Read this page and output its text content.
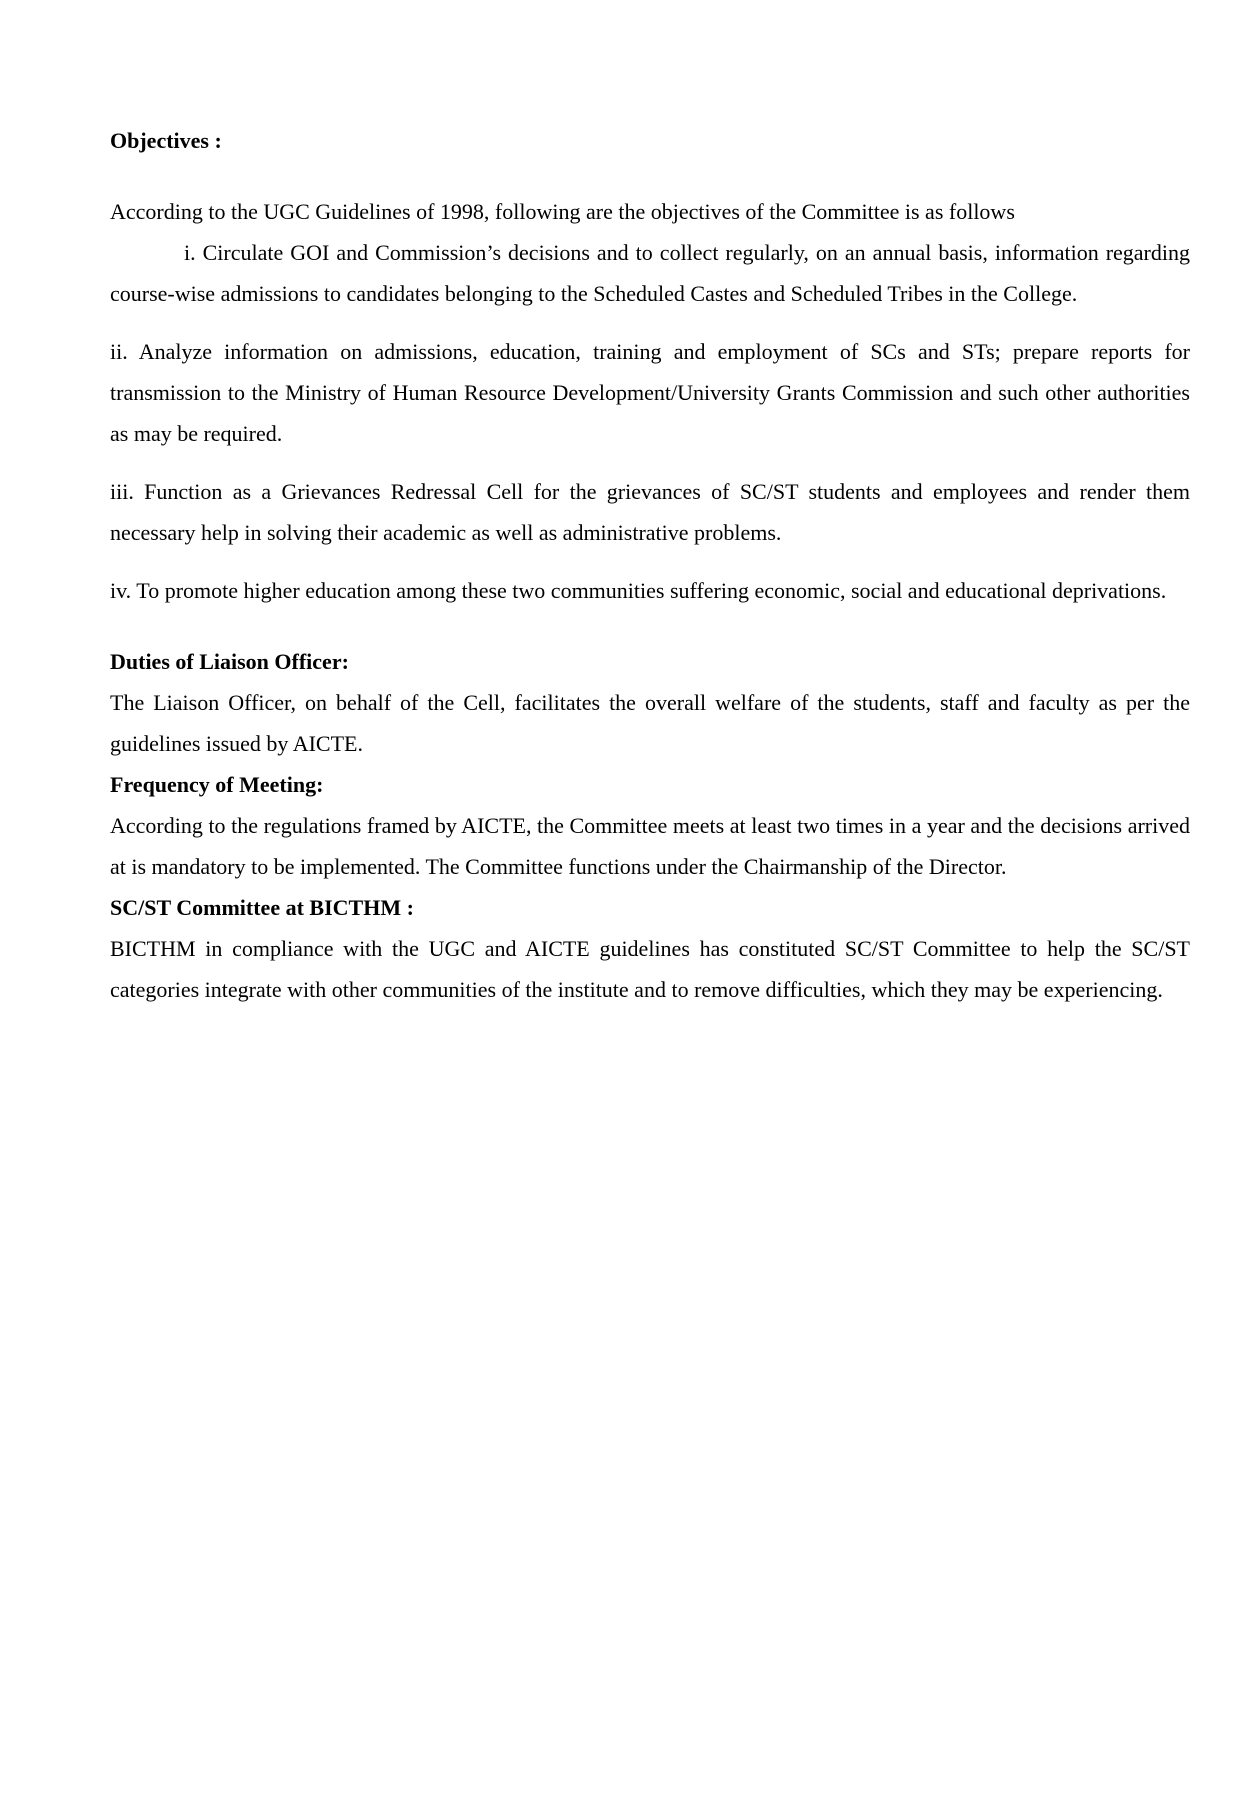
Objectives :

According to the UGC Guidelines of 1998, following are the objectives of the Committee is as follows

i. Circulate GOI and Commission’s decisions and to collect regularly, on an annual basis, information regarding course-wise admissions to candidates belonging to the Scheduled Castes and Scheduled Tribes in the College.

ii. Analyze information on admissions, education, training and employment of SCs and STs; prepare reports for transmission to the Ministry of Human Resource Development/University Grants Commission and such other authorities as may be required.

iii. Function as a Grievances Redressal Cell for the grievances of SC/ST students and employees and render them necessary help in solving their academic as well as administrative problems.

iv. To promote higher education among these two communities suffering economic, social and educational deprivations.

Duties of Liaison Officer:

The Liaison Officer, on behalf of the Cell, facilitates the overall welfare of the students, staff and faculty as per the guidelines issued by AICTE.

Frequency of Meeting:

According to the regulations framed by AICTE, the Committee meets at least two times in a year and the decisions arrived at is mandatory to be implemented. The Committee functions under the Chairmanship of the Director.

SC/ST Committee at BICTHM :

BICTHM in compliance with the UGC and AICTE guidelines has constituted SC/ST Committee to help the SC/ST categories integrate with other communities of the institute and to remove difficulties, which they may be experiencing.
